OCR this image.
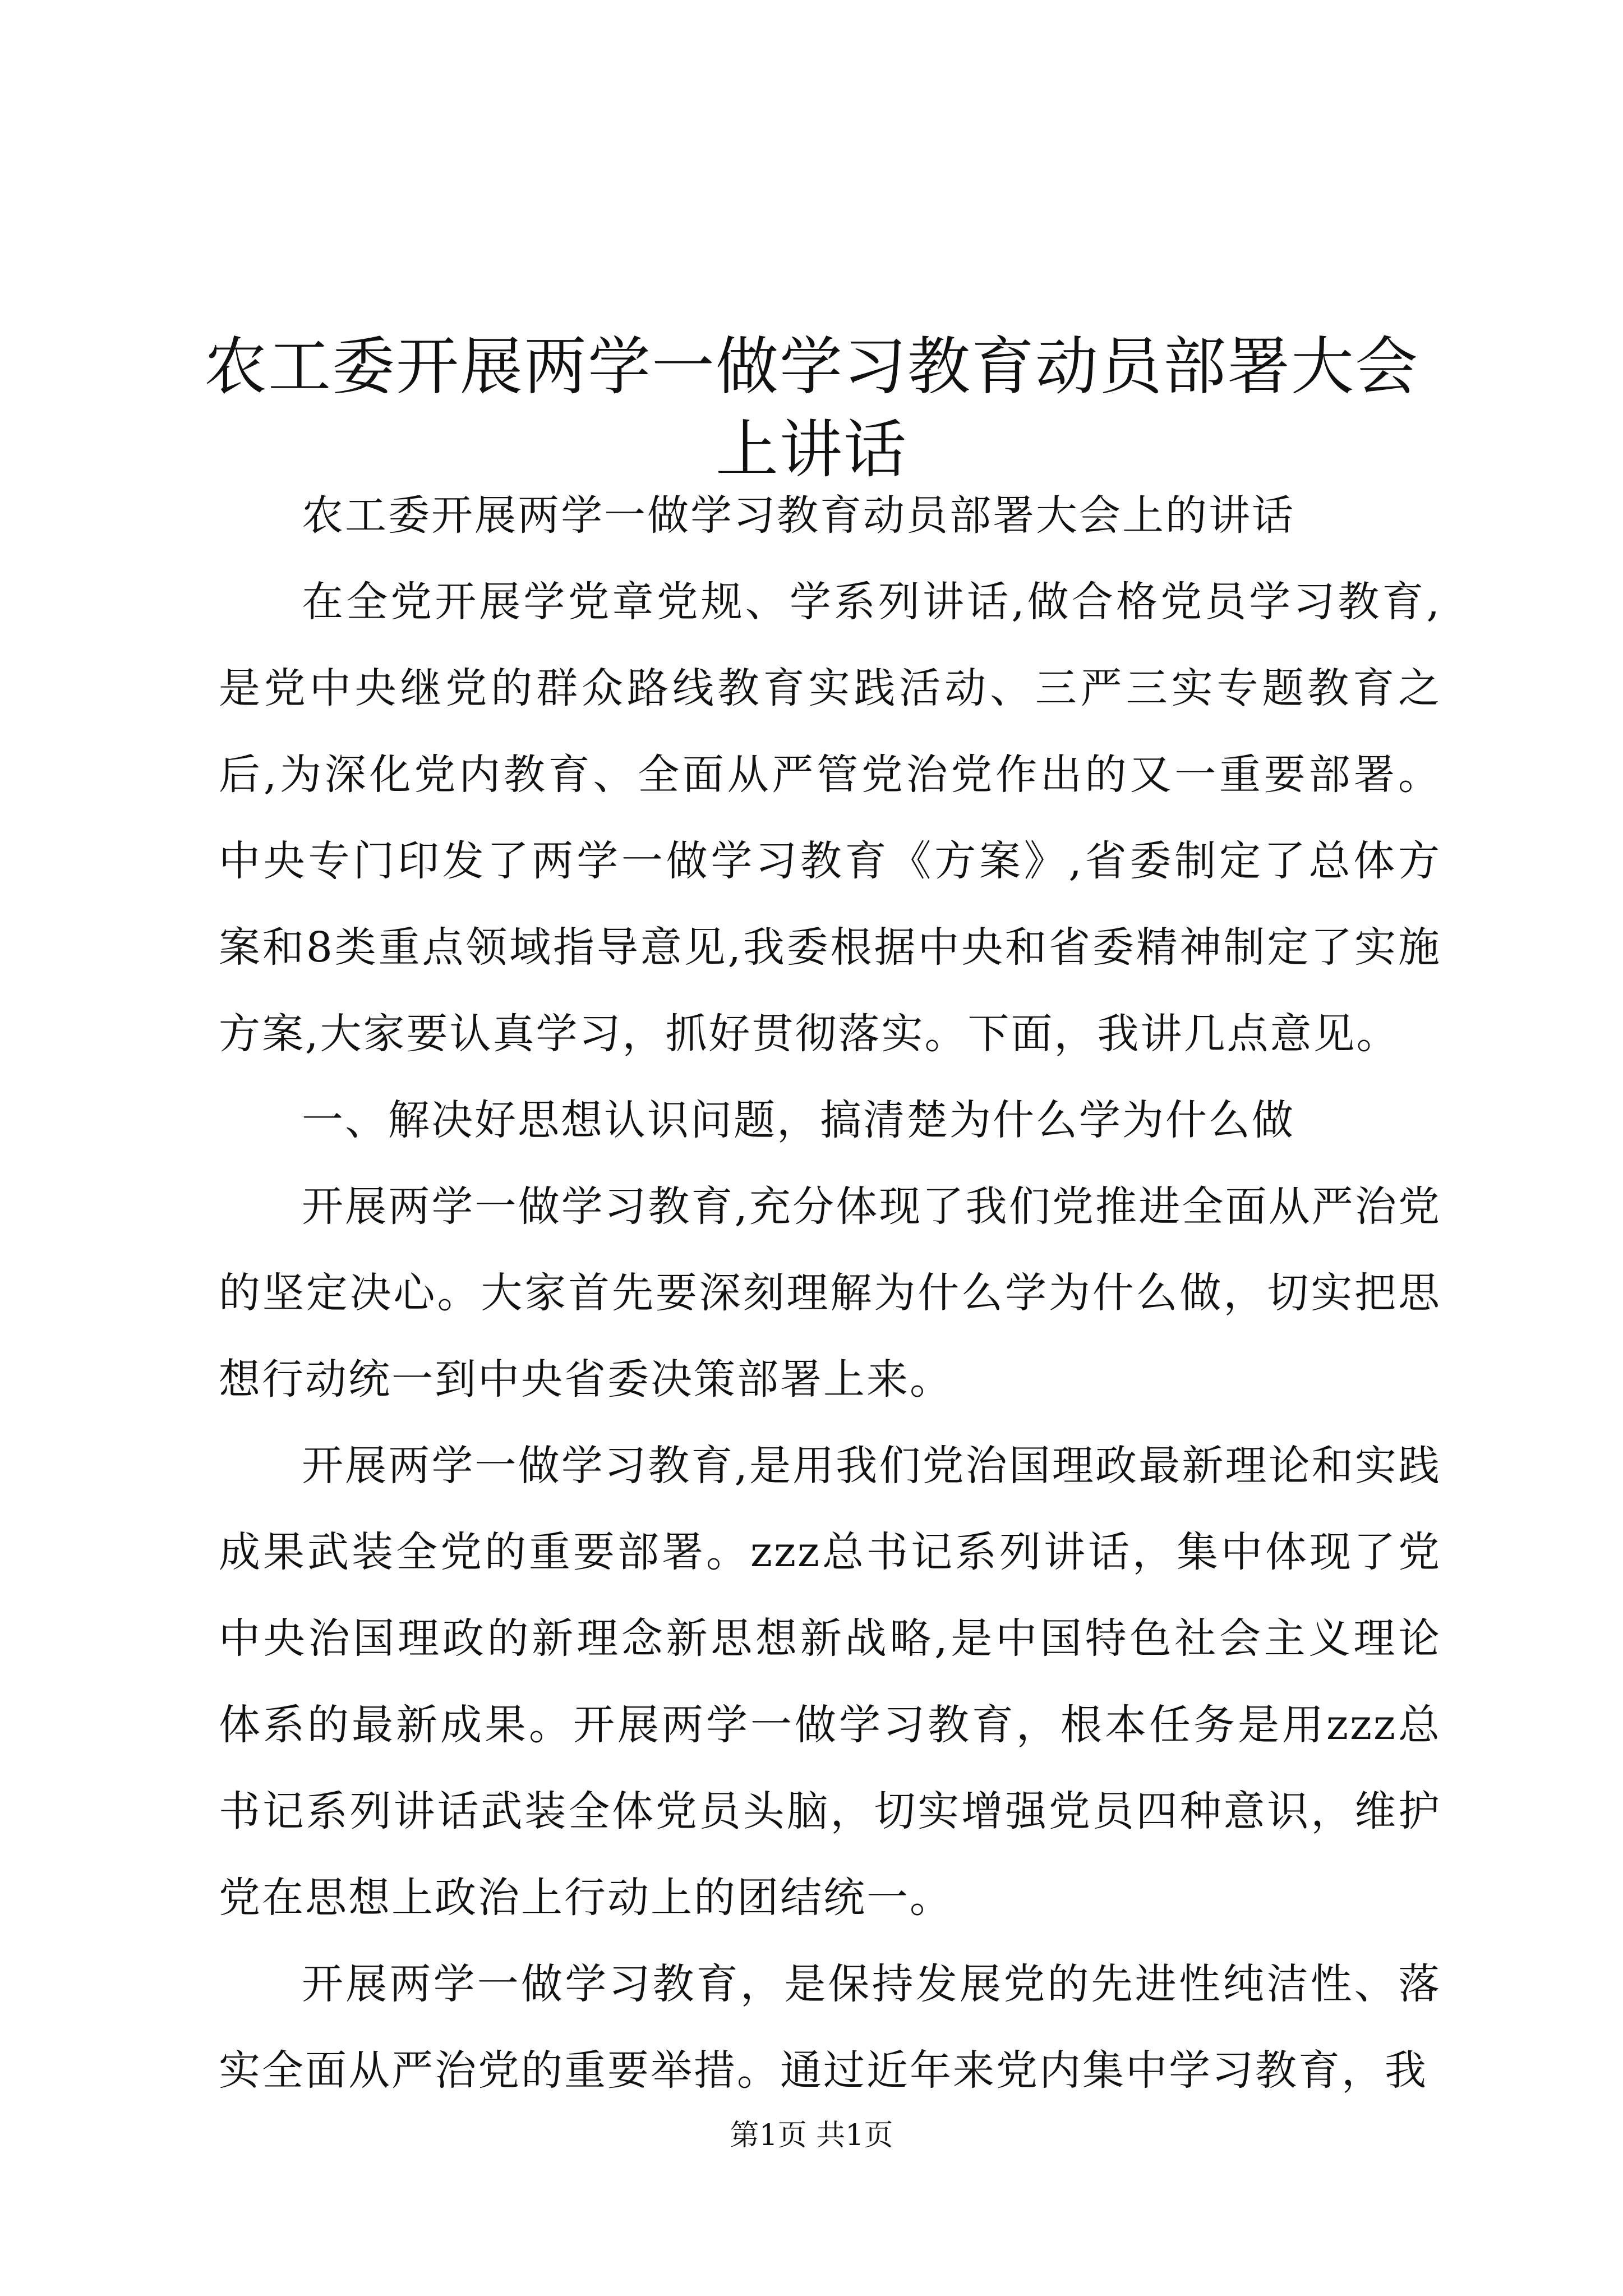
农工委开展两学一做学习教育动员部署大会上讲话

农工委开展两学一做学习教育动员部署大会上的讲话

在全党开展学党章党规、学系列讲话,做合格党员学习教育,是党中央继党的群众路线教育实践活动、三严三实专题教育之后,为深化党内教育、全面从严管党治党作出的又一重要部署。中央专门印发了两学一做学习教育《方案》,省委制定了总体方案和8类重点领域指导意见,我委根据中央和省委精神制定了实施方案,大家要认真学习，抓好贯彻落实。下面，我讲几点意见。

一、解决好思想认识问题，搞清楚为什么学为什么做

开展两学一做学习教育,充分体现了我们党推进全面从严治党的坚定决心。大家首先要深刻理解为什么学为什么做，切实把思想行动统一到中央省委决策部署上来。

开展两学一做学习教育,是用我们党治国理政最新理论和实践成果武装全党的重要部署。zzz总书记系列讲话，集中体现了党中央治国理政的新理念新思想新战略,是中国特色社会主义理论体系的最新成果。开展两学一做学习教育，根本任务是用zzz总书记系列讲话武装全体党员头脑，切实增强党员四种意识，维护党在思想上政治上行动上的团结统一。

开展两学一做学习教育，是保持发展党的先进性纯洁性、落实全面从严治党的重要举措。通过近年来党内集中学习教育，我

第1页 共1页
